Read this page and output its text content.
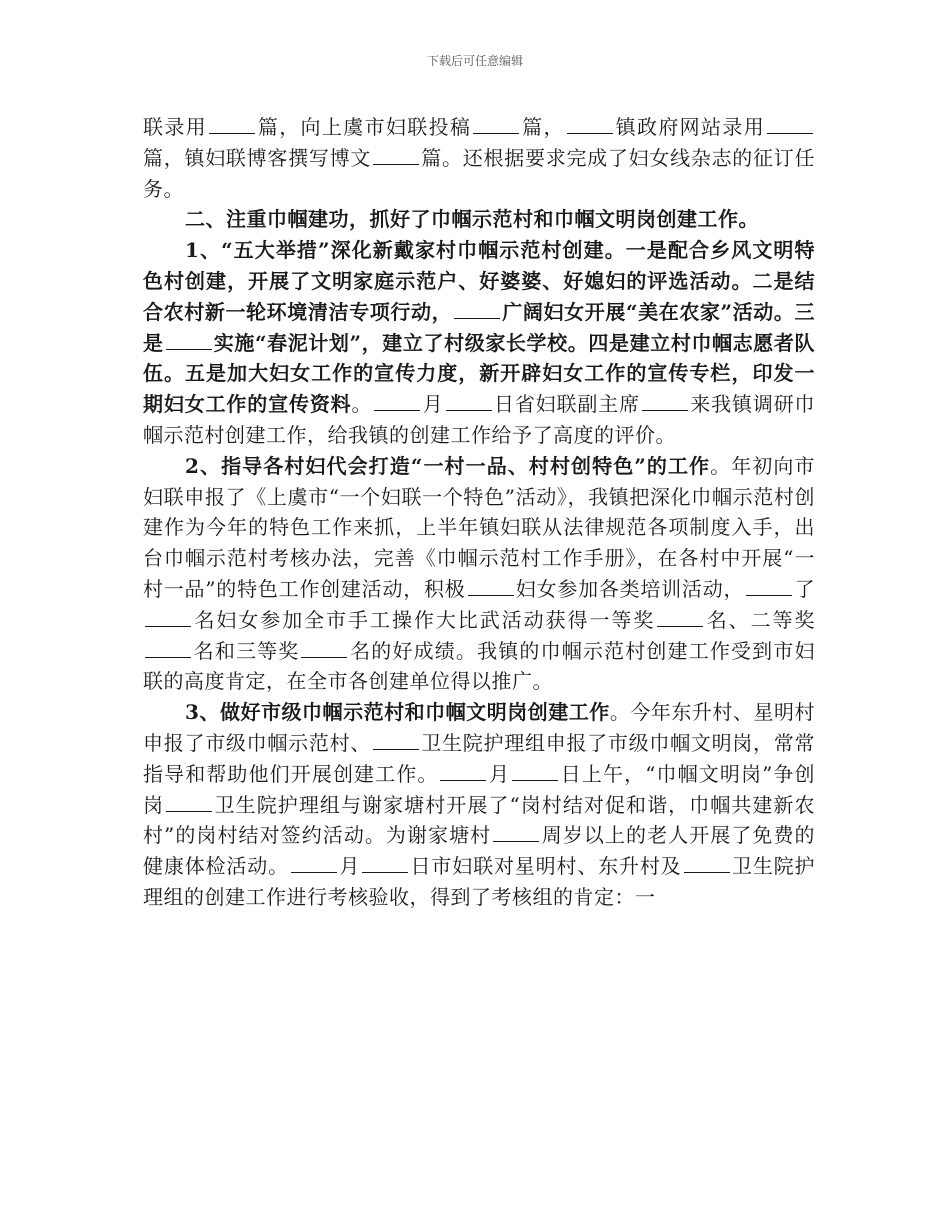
下载后可任意编辑

联录用	篇，向上虞市妇联投稿	篇，	镇政府网站录用篇，镇妇联博客撰写博文	篇。还根据要求完成了妇女线杂志的征订任务。

二、注重巾帼建功，抓好了巾帼示范村和巾帼文明岗创建工作。

1、“五大举措”深化新戴家村巾帼示范村创建。一是配合乡风文明特色村创建，开展了文明家庭示范户、好婆婆、好媳妇的评选活动。二是结合农村新一轮环境清洁专项行动，	广阔妇女开展“美在农家”活动。三是	实施“春泥计划”，建立了村级家长学校。四是建立村巾帼志愿者队伍。五是加大妇女工作的宣传力度，新开辟妇女工作的宣传专栏，印发一期妇女工作的宣传资料。	月	日省妇联副主席	来我镇调研巾帼示范村创建工作，给我镇的创建工作给予了高度的评价。

2、指导各村妇代会打造“一村一品、村村创特色”的工作。年初向市妇联申报了《上虞市“一个妇联一个特色”活动》，我镇把深化巾帼示范村创建作为今年的特色工作来抓，上半年镇妇联从法律规范各项制度入手，出台巾帼示范村考核办法，完善《巾帼示范村工作手册》，在各村中开展“一村一品”的特色工作创建活动，积极	妇女参加各类培训活动，	了名妇女参加全市手工操作大比武活动获得一等奖	名、二等奖名和三等奖	名的好成绩。我镇的巾帼示范村创建工作受到市妇联的高度肯定，在全市各创建单位得以推广。

3、做好市级巾帼示范村和巾帼文明岗创建工作。今年东升村、星明村申报了市级巾帼示范村、	卫生院护理组申报了市级巾帼文明岗，常常指导和帮助他们开展创建工作。	月	日上午，“巾帼文明岗”争创岗	卫生院护理组与谢家塘村开展了“岗村结对促和谐，巾帼共建新农村”的岗村结对签约活动。为谢家塘村	周岁以上的老人开展了免费的健康体检活动。	月	日市妇联对星明村、东升村及	卫生院护理组的创建工作进行考核验收，得到了考核组的肯定：一
